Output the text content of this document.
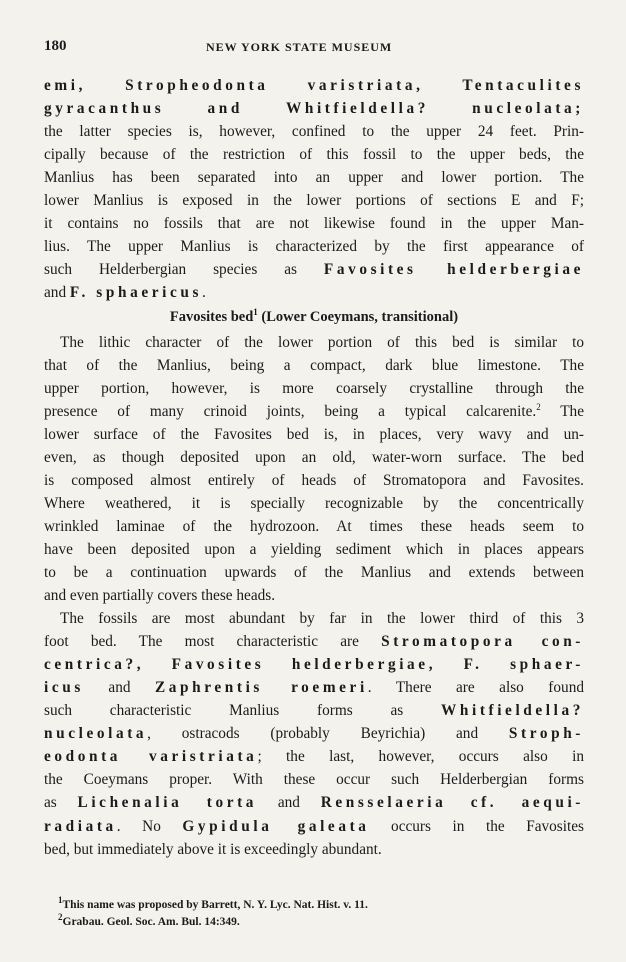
180	NEW YORK STATE MUSEUM
emi, Stropheodonta varistriata, Tentaculites
gyracanthus and Whitfieldella? nucleolata;
the latter species is, however, confined to the upper 24 feet. Prin-
cipally because of the restriction of this fossil to the upper beds, the
Manlius has been separated into an upper and lower portion. The
lower Manlius is exposed in the lower portions of sections E and F;
it contains no fossils that are not likewise found in the upper Man-
lius. The upper Manlius is characterized by the first appearance of
such Helderbergian species as Favosites helderbergiae
and F. sphaericus.
Favosites bed$^1$ (Lower Coeymans, transitional)
The lithic character of the lower portion of this bed is similar to
that of the Manlius, being a compact, dark blue limestone. The
upper portion, however, is more coarsely crystalline through the
presence of many crinoid joints, being a typical calcarenite.$^2$ The
lower surface of the Favosites bed is, in places, very wavy and un-
even, as though deposited upon an old, water-worn surface. The bed
is composed almost entirely of heads of Stromatopora and Favosites.
Where weathered, it is specially recognizable by the concentrically
wrinkled laminae of the hydrozoon. At times these heads seem to
have been deposited upon a yielding sediment which in places appears
to be a continuation upwards of the Manlius and extends between
and even partially covers these heads.
The fossils are most abundant by far in the lower third of this 3
foot bed. The most characteristic are Stromatopora con-
centrica?, Favosites helderbergiae, F. sphaer-
icus and Zaphrentis roemeri. There are also found
such characteristic Manlius forms as Whitfieldella?
nucleolata, ostracods (probably Beyrichia) and Stroph-
eodonta varistriata; the last, however, occurs also in
the Coeymans proper. With these occur such Helderbergian forms
as Lichenalia torta and Rensselaeria cf. aequi-
radiata. No Gypidula galeata occurs in the Favosites
bed, but immediately above it is exceedingly abundant.
$^1$This name was proposed by Barrett, N. Y. Lyc. Nat. Hist. v. 11.
$^2$Grabau. Geol. Soc. Am. Bul. 14:349.
